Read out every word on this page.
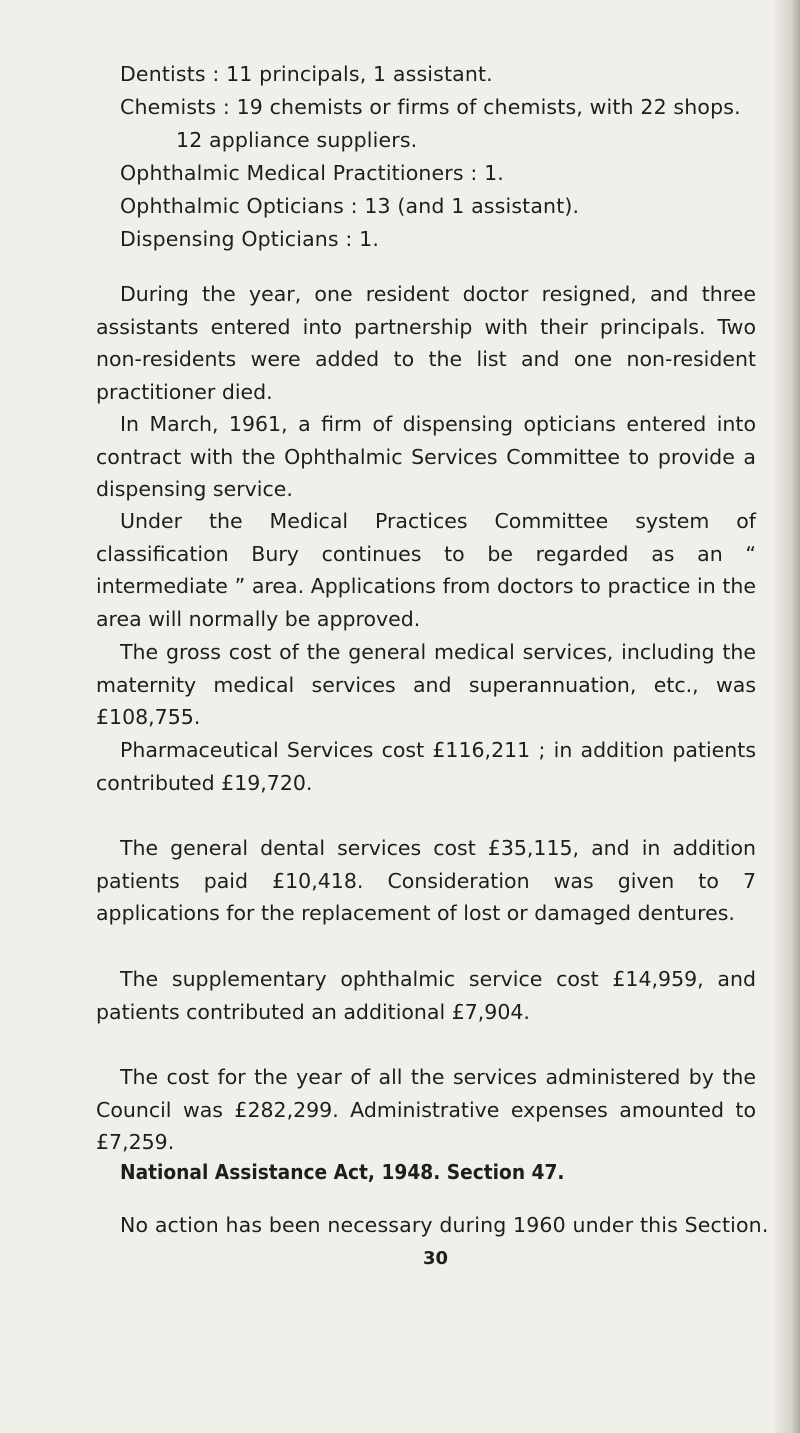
Dentists : 11 principals, 1 assistant.
Chemists : 19 chemists or firms of chemists, with 22 shops.
12 appliance suppliers.
Ophthalmic Medical Practitioners : 1.
Ophthalmic Opticians : 13 (and 1 assistant).
Dispensing Opticians : 1.

During the year, one resident doctor resigned, and three assistants entered into partnership with their principals. Two non-residents were added to the list and one non-resident practitioner died.

In March, 1961, a firm of dispensing opticians entered into contract with the Ophthalmic Services Committee to provide a dispensing service.

Under the Medical Practices Committee system of classification Bury continues to be regarded as an “ intermediate ” area. Applications from doctors to practice in the area will normally be approved.

The gross cost of the general medical services, including the maternity medical services and superannuation, etc., was £108,755.

Pharmaceutical Services cost £116,211 ; in addition patients contributed £19,720.

The general dental services cost £35,115, and in addition patients paid £10,418. Consideration was given to 7 applications for the replacement of lost or damaged dentures.

The supplementary ophthalmic service cost £14,959, and patients contributed an additional £7,904.

The cost for the year of all the services administered by the Council was £282,299. Administrative expenses amounted to £7,259.

National Assistance Act, 1948. Section 47.
No action has been necessary during 1960 under this Section.
30
